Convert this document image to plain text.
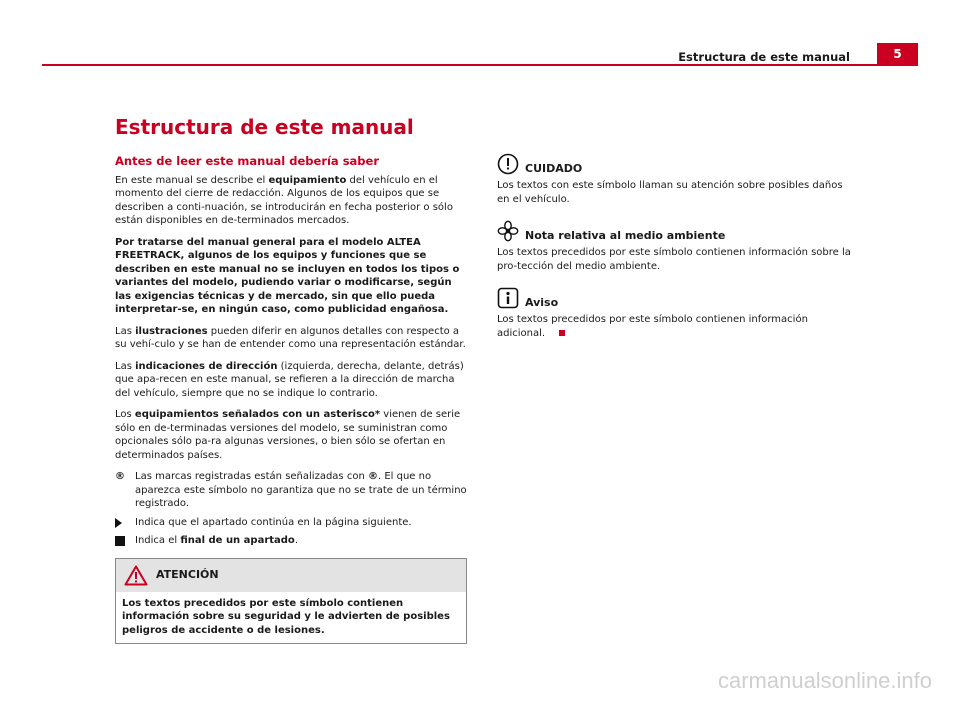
Estructura de este manual	5
Estructura de este manual
Antes de leer este manual debería saber

En este manual se describe el equipamiento del vehículo en el momento del cierre de redacción. Algunos de los equipos que se describen a conti-nuación, se introducirán en fecha posterior o sólo están disponibles en de-terminados mercados.

Por tratarse del manual general para el modelo ALTEA FREETRACK, algunos de los equipos y funciones que se describen en este manual no se incluyen en todos los tipos o variantes del modelo, pudiendo variar o modificarse, según las exigencias técnicas y de mercado, sin que ello pueda interpretar-se, en ningún caso, como publicidad engañosa.

Las ilustraciones pueden diferir en algunos detalles con respecto a su vehí-culo y se han de entender como una representación estándar.

Las indicaciones de dirección (izquierda, derecha, delante, detrás) que apa-recen en este manual, se refieren a la dirección de marcha del vehículo, siempre que no se indique lo contrario.

Los equipamientos señalados con un asterisco* vienen de serie sólo en de-terminadas versiones del modelo, se suministran como opcionales sólo pa-ra algunas versiones, o bien sólo se ofertan en determinados países.

®	Las marcas registradas están señalizadas con ®. El que no aparezca este símbolo no garantiza que no se trate de un término registrado.
Indica que el apartado continúa en la página siguiente.
Indica el final de un apartado.
ATENCIÓN
Los textos precedidos por este símbolo contienen información sobre su seguridad y le advierten de posibles peligros de accidente o de lesiones.
CUIDADO
Los textos con este símbolo llaman su atención sobre posibles daños en el vehículo.
Nota relativa al medio ambiente
Los textos precedidos por este símbolo contienen información sobre la pro-tección del medio ambiente.
Aviso
Los textos precedidos por este símbolo contienen información adicional.
carmanualsonline.info
